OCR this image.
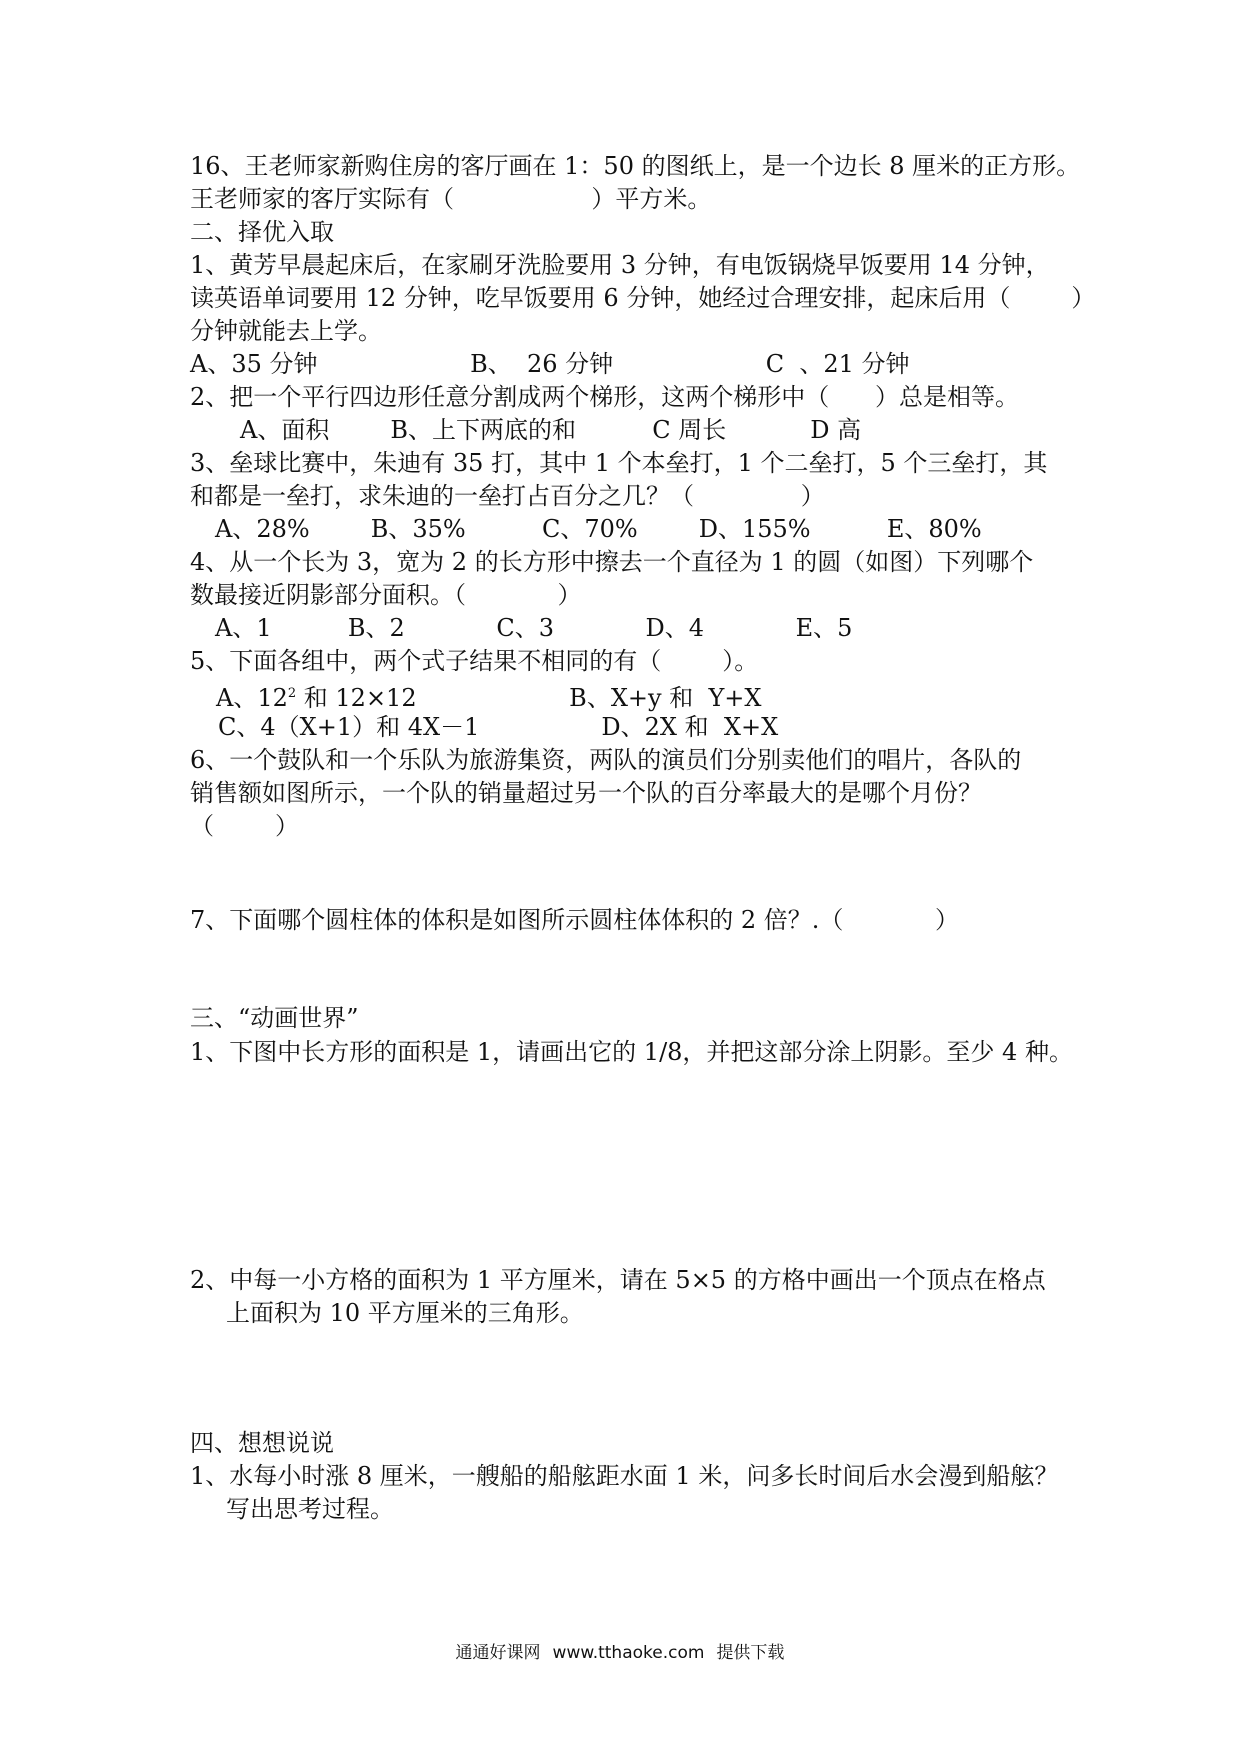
16、王老师家新购住房的客厅画在 1：50 的图纸上，是一个边长 8 厘米的正方形。
王老师家的客厅实际有（                  ）平方米。
二、择优入取
1、黄芳早晨起床后，在家刷牙洗脸要用 3 分钟，有电饭锅烧早饭要用 14 分钟，
读英语单词要用 12 分钟，吃早饭要用 6 分钟，她经过合理安排，起床后用（        ）
分钟就能去上学。
A、35 分钟                    B、  26 分钟                    C  、21 分钟
2、把一个平行四边形任意分割成两个梯形，这两个梯形中（      ）总是相等。
A、面积        B、上下两底的和          C 周长           D 高
3、垒球比赛中，朱迪有 35 打，其中 1 个本垒打，1 个二垒打，5 个三垒打，其
和都是一垒打，求朱迪的一垒打占百分之几？（              ）
A、28%        B、35%          C、70%        D、155%          E、80%
4、从一个长为 3，宽为 2 的长方形中擦去一个直径为 1 的圆（如图）下列哪个
数最接近阴影部分面积。（            ）
A、1          B、2            C、3            D、4            E、5
5、下面各组中，两个式子结果不相同的有（        ）。
A、$12^2$ 和 12×12                    B、X+y 和  Y+X
C、4（X+1）和 4X－1                D、2X 和  X+X
6、一个鼓队和一个乐队为旅游集资，两队的演员们分别卖他们的唱片，各队的
销售额如图所示，一个队的销量超过另一个队的百分率最大的是哪个月份？
（        ）
7、下面哪个圆柱体的体积是如图所示圆柱体体积的 2 倍？.（            ）
三、“动画世界”
1、下图中长方形的面积是 1，请画出它的 1/8，并把这部分涂上阴影。至少 4 种。
2、中每一小方格的面积为 1 平方厘米，请在 5×5 的方格中画出一个顶点在格点
上面积为 10 平方厘米的三角形。
四、想想说说
1、水每小时涨 8 厘米，一艘船的船舷距水面 1 米，问多长时间后水会漫到船舷？
写出思考过程。
通通好课网 www.tthaoke.com 提供下载
